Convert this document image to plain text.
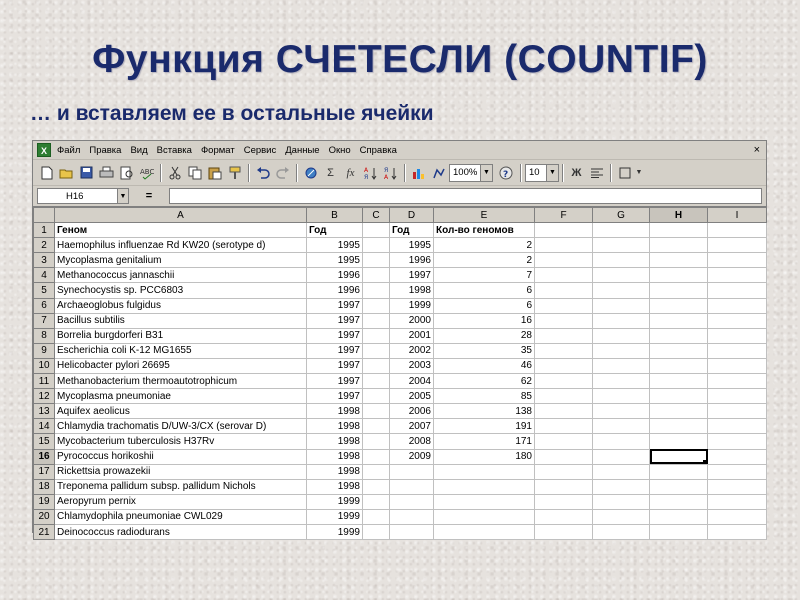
Функция СЧЕТЕСЛИ (COUNTIF)
… и вставляем ее в остальные ячейки
X	Файл Правка Вид Вставка Формат Сервис Данные Окно Справка	×
ABC	Σ	fx	A
Я
Я
A	100% ▼ ? 10	▼	Ж	▼
H16	▼	=
	A	B	C	D	E	F	G	H	I
1	Геном	Год		Год	Кол-во геномов				
2	Haemophilus influenzae Rd KW20 (serotype d)	1995		1995	2				
3	Mycoplasma genitalium	1995		1996	2				
4	Methanococcus jannaschii	1996		1997	7				
5	Synechocystis sp. PCC6803	1996		1998	6				
6	Archaeoglobus fulgidus	1997		1999	6				
7	Bacillus subtilis	1997		2000	16				
8	Borrelia burgdorferi B31	1997		2001	28				
9	Escherichia coli K-12 MG1655	1997		2002	35				
10	Helicobacter pylori 26695	1997		2003	46				
11	Methanobacterium thermoautotrophicum	1997		2004	62				
12	Mycoplasma pneumoniae	1997		2005	85				
13	Aquifex aeolicus	1998		2006	138				
14	Chlamydia trachomatis D/UW-3/CX (serovar D)	1998		2007	191				
15	Mycobacterium tuberculosis H37Rv	1998		2008	171				
16	Pyrococcus horikoshii	1998		2009	180				
17	Rickettsia prowazekii	1998							
18	Treponema pallidum subsp. pallidum Nichols	1998							
19	Aeropyrum pernix	1999							
20	Chlamydophila pneumoniae CWL029	1999							
21	Deinococcus radiodurans	1999							
